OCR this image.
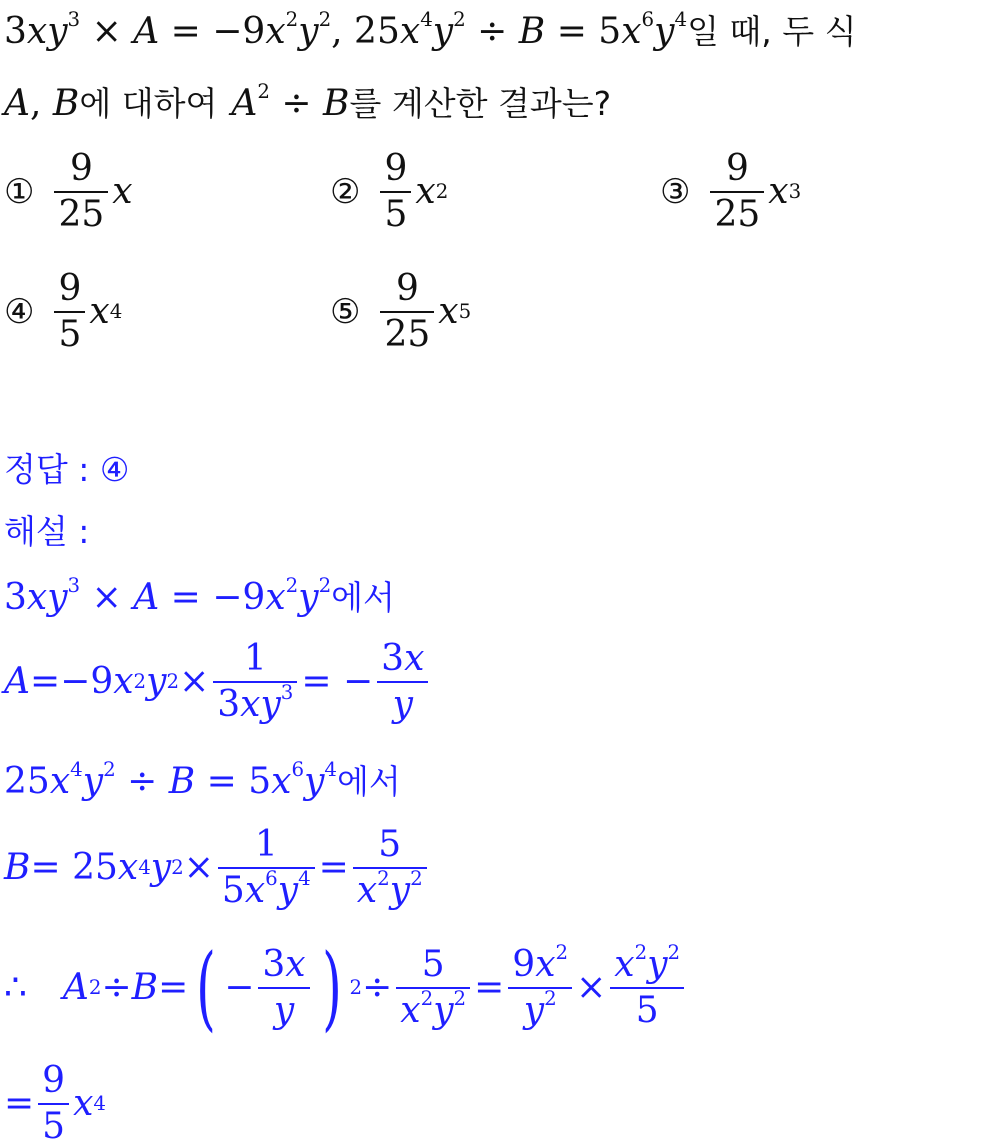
$3xy^3 \times A = -9x^2y^2$, $25x^4y^2 \div B = 5x^6y^4$일 때, 두 식
A, B에 대하여 $A^2 \div B$를 계산한 결과는?
① $\frac{9}{25}$ x	② $\frac{9}{5}$ x 2	③ $\frac{9}{25}$ x 3
④ $\frac{9}{5}$ x 4	⑤ $\frac{9}{25}$ x 5
정답 : ④
해설 :
$3xy^3 \times A = -9x^2y^2$에서
A =−9 x 2 y $2 \times \frac{1}{3xy^3}$ = − $\frac{3x}{y}$
$25x^4y^2 \div B = 5x^6y^4$에서
B = 25 x 4 y $2 \times \frac{1}{5x^6y^4} = \frac{5}{x^2y^2}$
∴ A 2 ÷ B = ( − $\frac{3x}{y}$ ) $2 \div \frac{5}{x^2y^2} = \frac{9x^2}{y^2} \times \frac{x^2y^2}{5}$
= $\frac{9}{5}$ x 4
